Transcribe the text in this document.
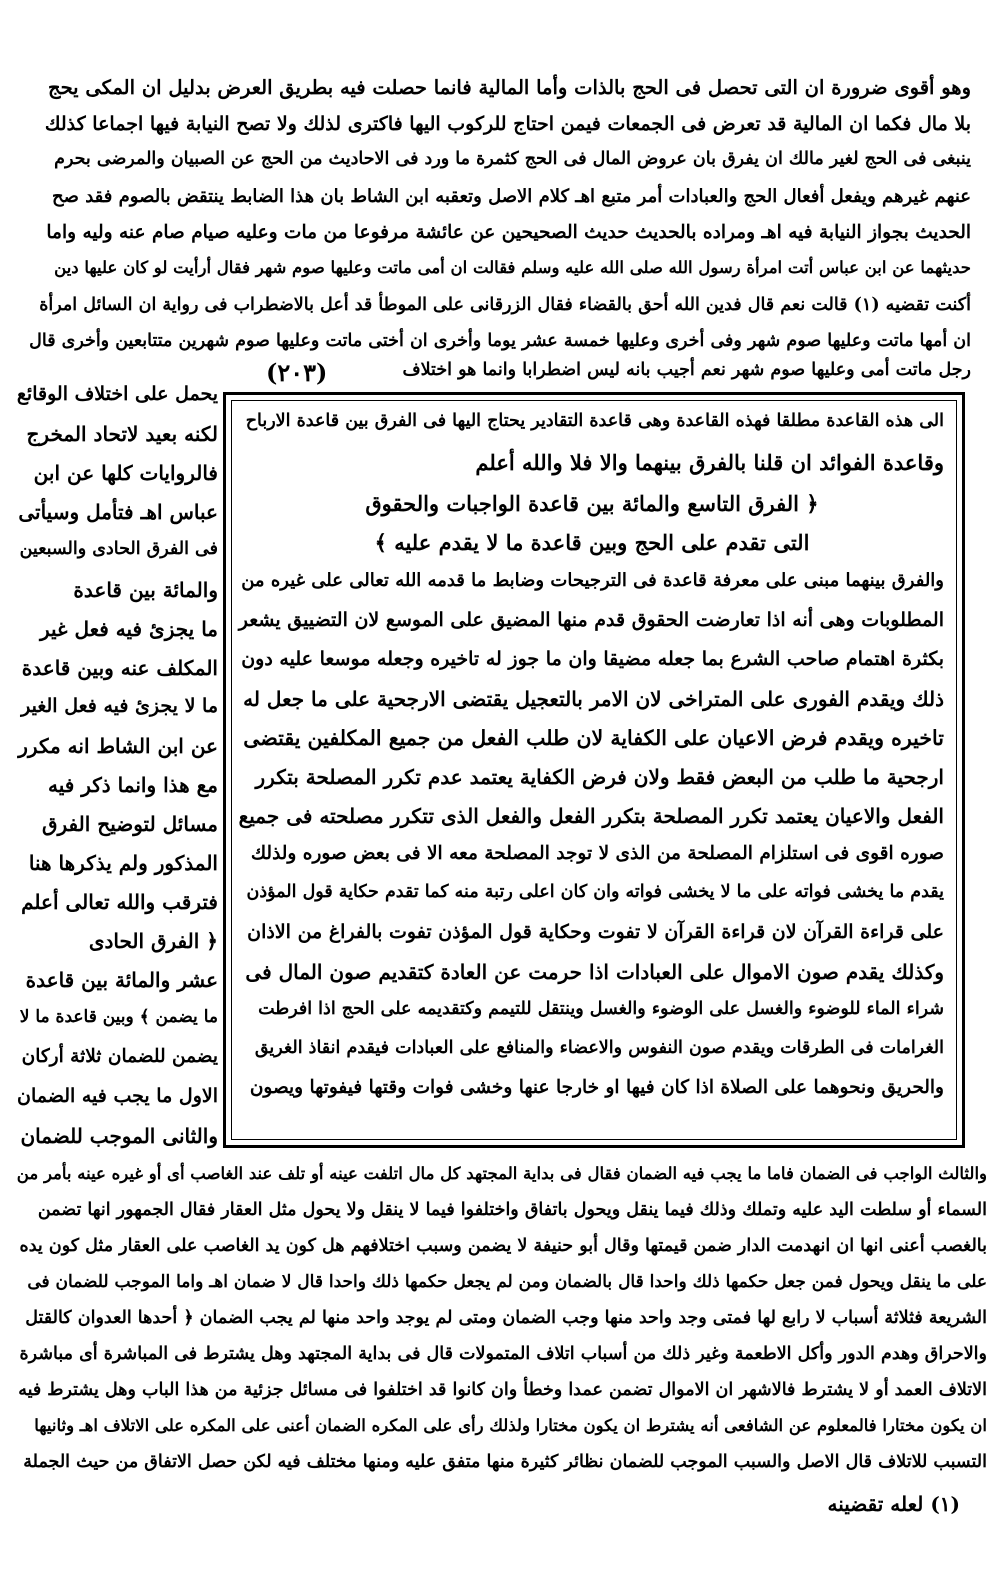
وهو أقوى ضرورة ان التى تحصل فى الحج بالذات وأما المالية فانما حصلت فيه بطريق العرض بدليل ان المكى يحج
بلا مال فكما ان المالية قد تعرض فى الجمعات فيمن احتاج للركوب اليها فاكترى لذلك ولا تصح النيابة فيها اجماعا كذلك
ينبغى فى الحج لغير مالك ان يفرق بان عروض المال فى الحج كثمرة ما ورد فى الاحاديث من الحج عن الصبيان والمرضى بحرم
عنهم غيرهم ويفعل أفعال الحج والعبادات أمر متبع اهـ كلام الاصل وتعقبه ابن الشاط بان هذا الضابط ينتقض بالصوم فقد صح
الحديث بجواز النيابة فيه اهـ ومراده بالحديث حديث الصحيحين عن عائشة مرفوعا من مات وعليه صيام صام عنه وليه واما
حديثهما عن ابن عباس أتت امرأة رسول الله صلى الله عليه وسلم فقالت ان أمى ماتت وعليها صوم شهر فقال أرأيت لو كان عليها دين
أكنت تقضيه (١) قالت نعم قال فدين الله أحق بالقضاء فقال الزرقانى على الموطأ قد أعل بالاضطراب فى رواية ان السائل امرأة
ان أمها ماتت وعليها صوم شهر وفى أخرى وعليها خمسة عشر يوما وأخرى ان أختى ماتت وعليها صوم شهرين متتابعين وأخرى قال
رجل ماتت أمى وعليها صوم شهر نعم أجيب بانه ليس اضطرابا وانما هو اختلاف
(٢٠٣)
يحمل على اختلاف الوقائع
لكنه بعيد لاتحاد المخرج
فالروايات كلها عن ابن
عباس اهـ فتأمل وسيأتى
فى الفرق الحادى والسبعين
والمائة بين قاعدة
ما يجزئ فيه فعل غير
المكلف عنه وبين قاعدة
ما لا يجزئ فيه فعل الغير
عن ابن الشاط انه مكرر
مع هذا وانما ذكر فيه
مسائل لتوضيح الفرق
المذكور ولم يذكرها هنا
فترقب والله تعالى أعلم
﴿ الفرق الحادى
عشر والمائة بين قاعدة
ما يضمن ﴾ وبين قاعدة ما لا
يضمن للضمان ثلاثة أركان
الاول ما يجب فيه الضمان
والثانى الموجب للضمان
الى هذه القاعدة مطلقا فهذه القاعدة وهى قاعدة التقادير يحتاج اليها فى الفرق بين قاعدة الارباح
وقاعدة الفوائد ان قلنا بالفرق بينهما والا فلا والله أعلم
﴿ الفرق التاسع والمائة بين قاعدة الواجبات والحقوق
التى تقدم على الحج وبين قاعدة ما لا يقدم عليه ﴾
والفرق بينهما مبنى على معرفة قاعدة فى الترجيحات وضابط ما قدمه الله تعالى على غيره من
المطلوبات وهى أنه اذا تعارضت الحقوق قدم منها المضيق على الموسع لان التضييق يشعر
بكثرة اهتمام صاحب الشرع بما جعله مضيقا وان ما جوز له تاخيره وجعله موسعا عليه دون
ذلك ويقدم الفورى على المتراخى لان الامر بالتعجيل يقتضى الارجحية على ما جعل له
تاخيره ويقدم فرض الاعيان على الكفاية لان طلب الفعل من جميع المكلفين يقتضى
ارجحية ما طلب من البعض فقط ولان فرض الكفاية يعتمد عدم تكرر المصلحة بتكرر
الفعل والاعيان يعتمد تكرر المصلحة بتكرر الفعل والفعل الذى تتكرر مصلحته فى جميع
صوره اقوى فى استلزام المصلحة من الذى لا توجد المصلحة معه الا فى بعض صوره ولذلك
يقدم ما يخشى فواته على ما لا يخشى فواته وان كان اعلى رتبة منه كما تقدم حكاية قول المؤذن
على قراءة القرآن لان قراءة القرآن لا تفوت وحكاية قول المؤذن تفوت بالفراغ من الاذان
وكذلك يقدم صون الاموال على العبادات اذا حرمت عن العادة كتقديم صون المال فى
شراء الماء للوضوء والغسل على الوضوء والغسل وينتقل للتيمم وكتقديمه على الحج اذا افرطت
الغرامات فى الطرقات ويقدم صون النفوس والاعضاء والمنافع على العبادات فيقدم انقاذ الغريق
والحريق ونحوهما على الصلاة اذا كان فيها او خارجا عنها وخشى فوات وقتها فيفوتها ويصون
والثالث الواجب فى الضمان فاما ما يجب فيه الضمان فقال فى بداية المجتهد كل مال اتلفت عينه أو تلف عند الغاصب أى أو غيره عينه بأمر من
السماء أو سلطت اليد عليه وتملك وذلك فيما ينقل ويحول باتفاق واختلفوا فيما لا ينقل ولا يحول مثل العقار فقال الجمهور انها تضمن
بالغصب أعنى انها ان انهدمت الدار ضمن قيمتها وقال أبو حنيفة لا يضمن وسبب اختلافهم هل كون يد الغاصب على العقار مثل كون يده
على ما ينقل ويحول فمن جعل حكمها ذلك واحدا قال بالضمان ومن لم يجعل حكمها ذلك واحدا قال لا ضمان اهـ واما الموجب للضمان فى
الشريعة فثلاثة أسباب لا رابع لها فمتى وجد واحد منها وجب الضمان ومتى لم يوجد واحد منها لم يجب الضمان ﴿ أحدها العدوان كالقتل
والاحراق وهدم الدور وأكل الاطعمة وغير ذلك من أسباب اتلاف المتمولات قال فى بداية المجتهد وهل يشترط فى المباشرة أى مباشرة
الاتلاف العمد أو لا يشترط فالاشهر ان الاموال تضمن عمدا وخطأ وان كانوا قد اختلفوا فى مسائل جزئية من هذا الباب وهل يشترط فيه
ان يكون مختارا فالمعلوم عن الشافعى أنه يشترط ان يكون مختارا ولذلك رأى على المكره الضمان أعنى على المكره على الاتلاف اهـ وثانيها
التسبب للاتلاف قال الاصل والسبب الموجب للضمان نظائر كثيرة منها متفق عليه ومنها مختلف فيه لكن حصل الاتفاق من حيث الجملة
(١) لعله تقضينه
